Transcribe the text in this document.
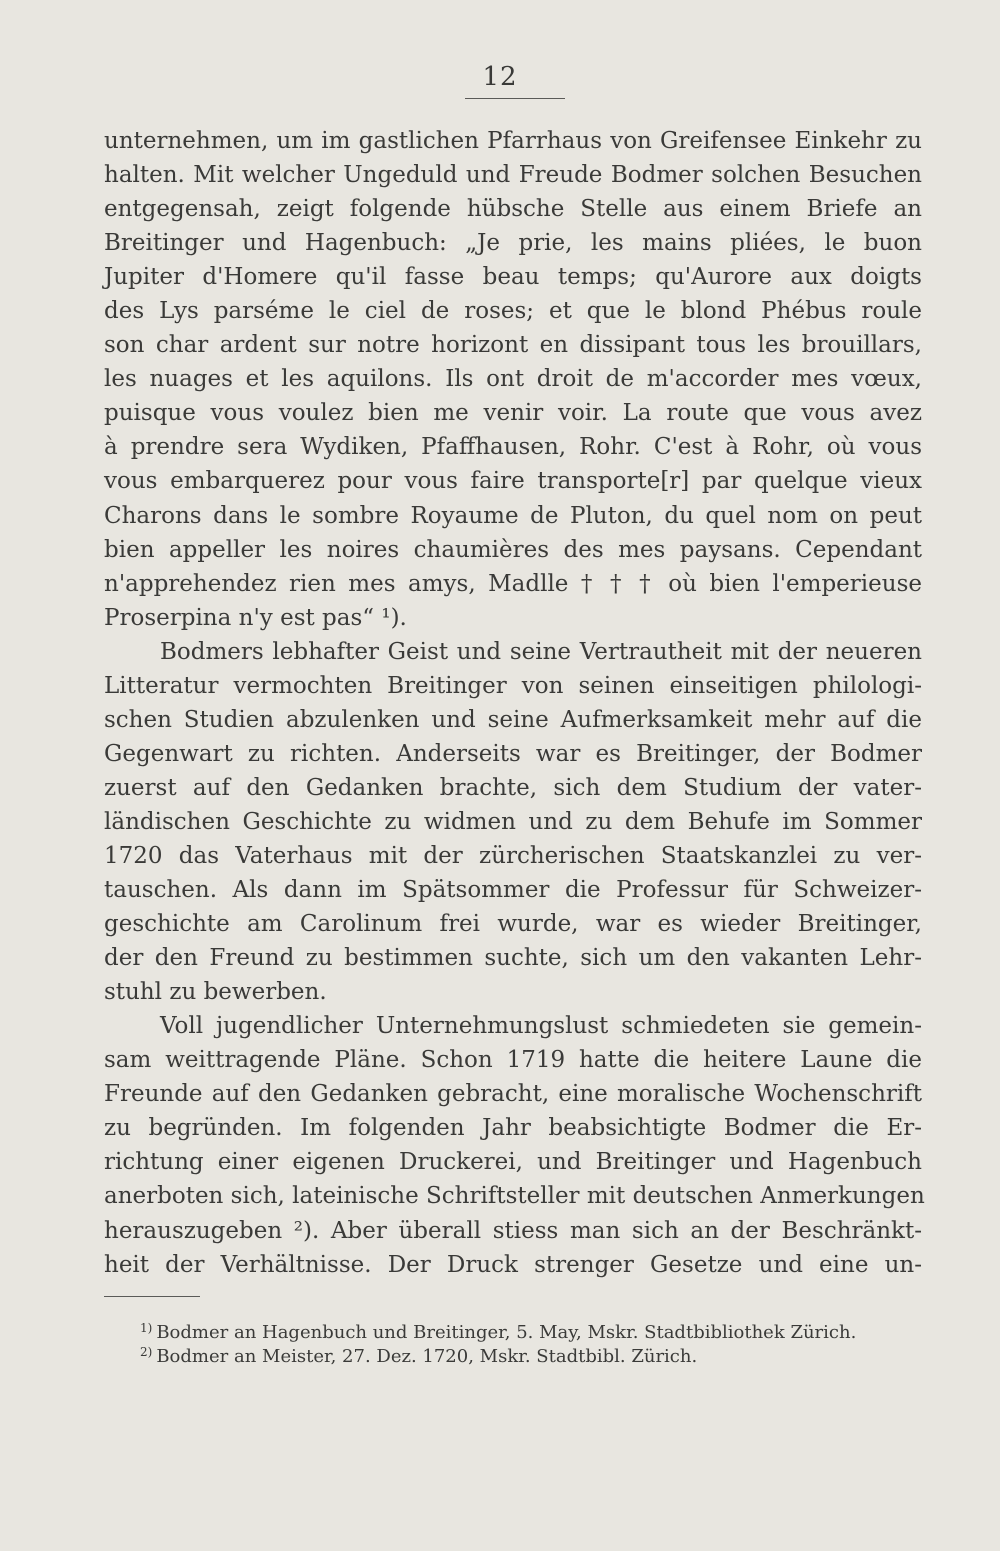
12
unternehmen, um im gastlichen Pfarrhaus von Greifensee Einkehr zu
halten. Mit welcher Ungeduld und Freude Bodmer solchen Besuchen
entgegensah, zeigt folgende hübsche Stelle aus einem Briefe an
Breitinger und Hagenbuch: „Je prie, les mains pliées, le buon
Jupiter d'Homere qu'il fasse beau temps; qu'Aurore aux doigts
des Lys parséme le ciel de roses; et que le blond Phébus roule
son char ardent sur notre horizont en dissipant tous les brouillars,
les nuages et les aquilons. Ils ont droit de m'accorder mes vœux,
puisque vous voulez bien me venir voir. La route que vous avez
à prendre sera Wydiken, Pfaffhausen, Rohr. C'est à Rohr, où vous
vous embarquerez pour vous faire transporte[r] par quelque vieux
Charons dans le sombre Royaume de Pluton, du quel nom on peut
bien appeller les noires chaumières des mes paysans. Cependant
n'apprehendez rien mes amys, Madlle † † † où bien l'emperieuse
Proserpina n'y est pas“ ¹).
Bodmers lebhafter Geist und seine Vertrautheit mit der neueren
Litteratur vermochten Breitinger von seinen einseitigen philologi-
schen Studien abzulenken und seine Aufmerksamkeit mehr auf die
Gegenwart zu richten. Anderseits war es Breitinger, der Bodmer
zuerst auf den Gedanken brachte, sich dem Studium der vater-
ländischen Geschichte zu widmen und zu dem Behufe im Sommer
1720 das Vaterhaus mit der zürcherischen Staatskanzlei zu ver-
tauschen. Als dann im Spätsommer die Professur für Schweizer-
geschichte am Carolinum frei wurde, war es wieder Breitinger,
der den Freund zu bestimmen suchte, sich um den vakanten Lehr-
stuhl zu bewerben.
Voll jugendlicher Unternehmungslust schmiedeten sie gemein-
sam weittragende Pläne. Schon 1719 hatte die heitere Laune die
Freunde auf den Gedanken gebracht, eine moralische Wochenschrift
zu begründen. Im folgenden Jahr beabsichtigte Bodmer die Er-
richtung einer eigenen Druckerei, und Breitinger und Hagenbuch
anerboten sich, lateinische Schriftsteller mit deutschen Anmerkungen
herauszugeben ²). Aber überall stiess man sich an der Beschränkt-
heit der Verhältnisse. Der Druck strenger Gesetze und eine un-
$^{1)}$ Bodmer an Hagenbuch und Breitinger, 5. May, Mskr. Stadtbibliothek Zürich.
$^{2)}$ Bodmer an Meister, 27. Dez. 1720, Mskr. Stadtbibl. Zürich.
